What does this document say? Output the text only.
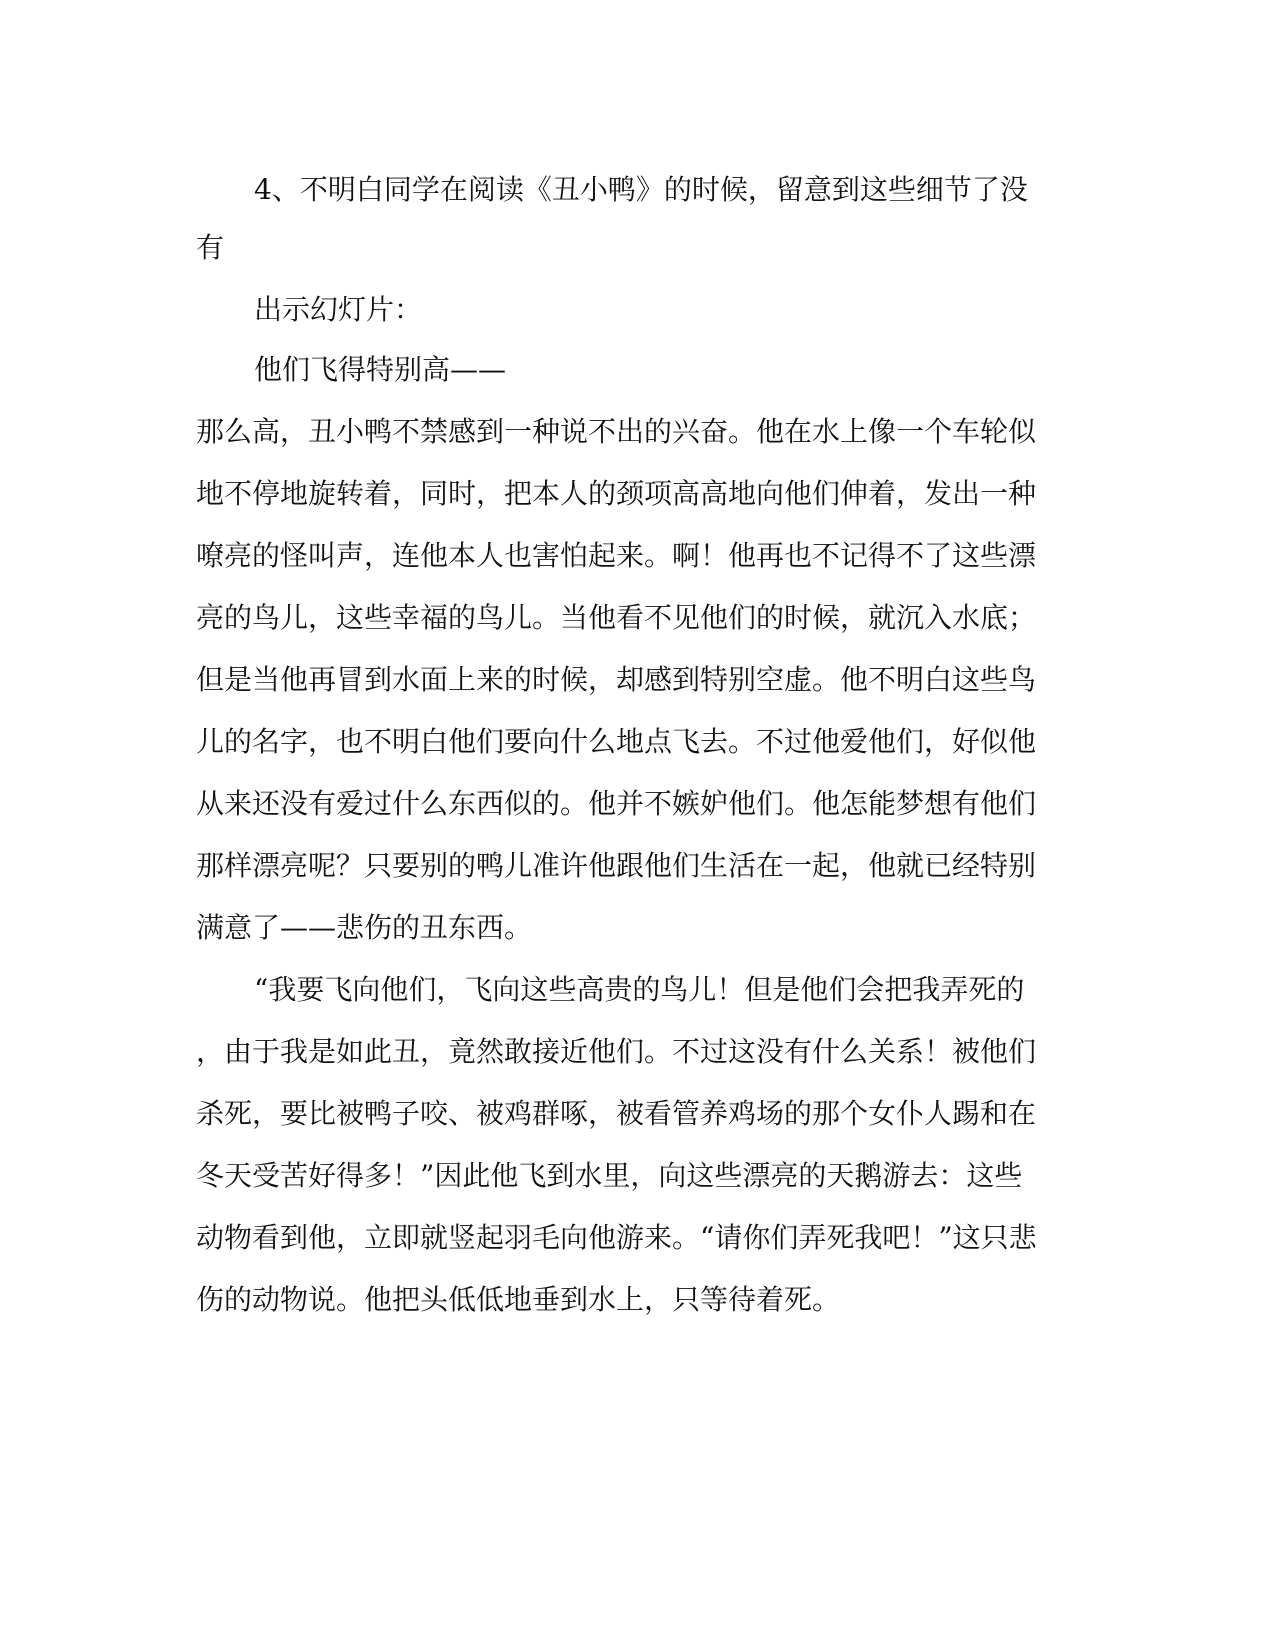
4、不明白同学在阅读《丑小鸭》的时候，留意到这些细节了没
有
出示幻灯片：
他们飞得特别高——
那么高，丑小鸭不禁感到一种说不出的兴奋。他在水上像一个车轮似
地不停地旋转着，同时，把本人的颈项高高地向他们伸着，发出一种
嘹亮的怪叫声，连他本人也害怕起来。啊！他再也不记得不了这些漂
亮的鸟儿，这些幸福的鸟儿。当他看不见他们的时候，就沉入水底；
但是当他再冒到水面上来的时候，却感到特别空虚。他不明白这些鸟
儿的名字，也不明白他们要向什么地点飞去。不过他爱他们，好似他
从来还没有爱过什么东西似的。他并不嫉妒他们。他怎能梦想有他们
那样漂亮呢？只要别的鸭儿准许他跟他们生活在一起，他就已经特别
满意了——悲伤的丑东西。
“我要飞向他们，飞向这些高贵的鸟儿！但是他们会把我弄死的
，由于我是如此丑，竟然敢接近他们。不过这没有什么关系！被他们
杀死，要比被鸭子咬、被鸡群啄，被看管养鸡场的那个女仆人踢和在
冬天受苦好得多！”因此他飞到水里，向这些漂亮的天鹅游去：这些
动物看到他，立即就竖起羽毛向他游来。“请你们弄死我吧！”这只悲
伤的动物说。他把头低低地垂到水上，只等待着死。
